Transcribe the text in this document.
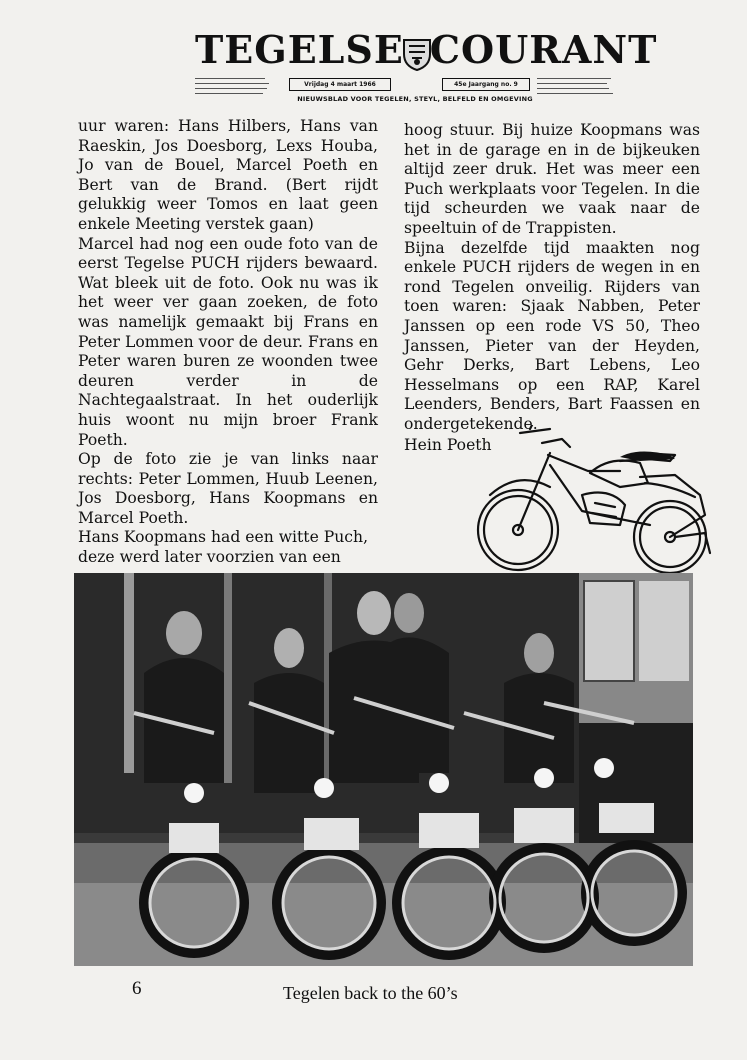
TEGELSE COURANT
Vrijdag 4 maart 1966	45e Jaargang no. 9
NIEUWSBLAD VOOR TEGELEN, STEYL, BELFELD EN OMGEVING

uur waren: Hans Hilbers, Hans van Raeskin, Jos Doesborg, Lexs Houba, Jo van de Bouel, Marcel Poeth en Bert van de Brand. (Bert rijdt gelukkig weer Tomos en laat geen enkele Meeting verstek gaan)

Marcel had nog een oude foto van de eerst Tegelse PUCH rijders bewaard. Wat bleek uit de foto. Ook nu was ik het weer ver gaan zoeken, de foto was namelijk gemaakt bij Frans en Peter Lommen voor de deur. Frans en Peter waren buren ze woonden twee deuren verder in de Nachtegaalstraat. In het ouderlijk huis woont nu mijn broer Frank Poeth.

Op de foto zie je van links naar rechts: Peter Lommen, Huub Leenen, Jos Doesborg, Hans Koopmans en Marcel Poeth.

Hans Koopmans had een witte Puch, deze werd later voorzien van een

hoog stuur. Bij huize Koopmans was het in de garage en in de bijkeuken altijd zeer druk. Het was meer een Puch werkplaats voor Tegelen. In die tijd scheurden we vaak naar de speeltuin of de Trappisten.

Bijna dezelfde tijd maakten nog enkele PUCH rijders de wegen in en rond Tegelen onveilig. Rijders van toen waren: Sjaak Nabben, Peter Janssen op een rode VS 50, Theo Janssen, Pieter van der Heyden, Gehr Derks, Bart Lebens, Leo Hesselmans op een RAP, Karel Leenders, Benders, Bart Faassen en ondergetekende.

Hein Poeth
6	Tegelen back to the 60’s
